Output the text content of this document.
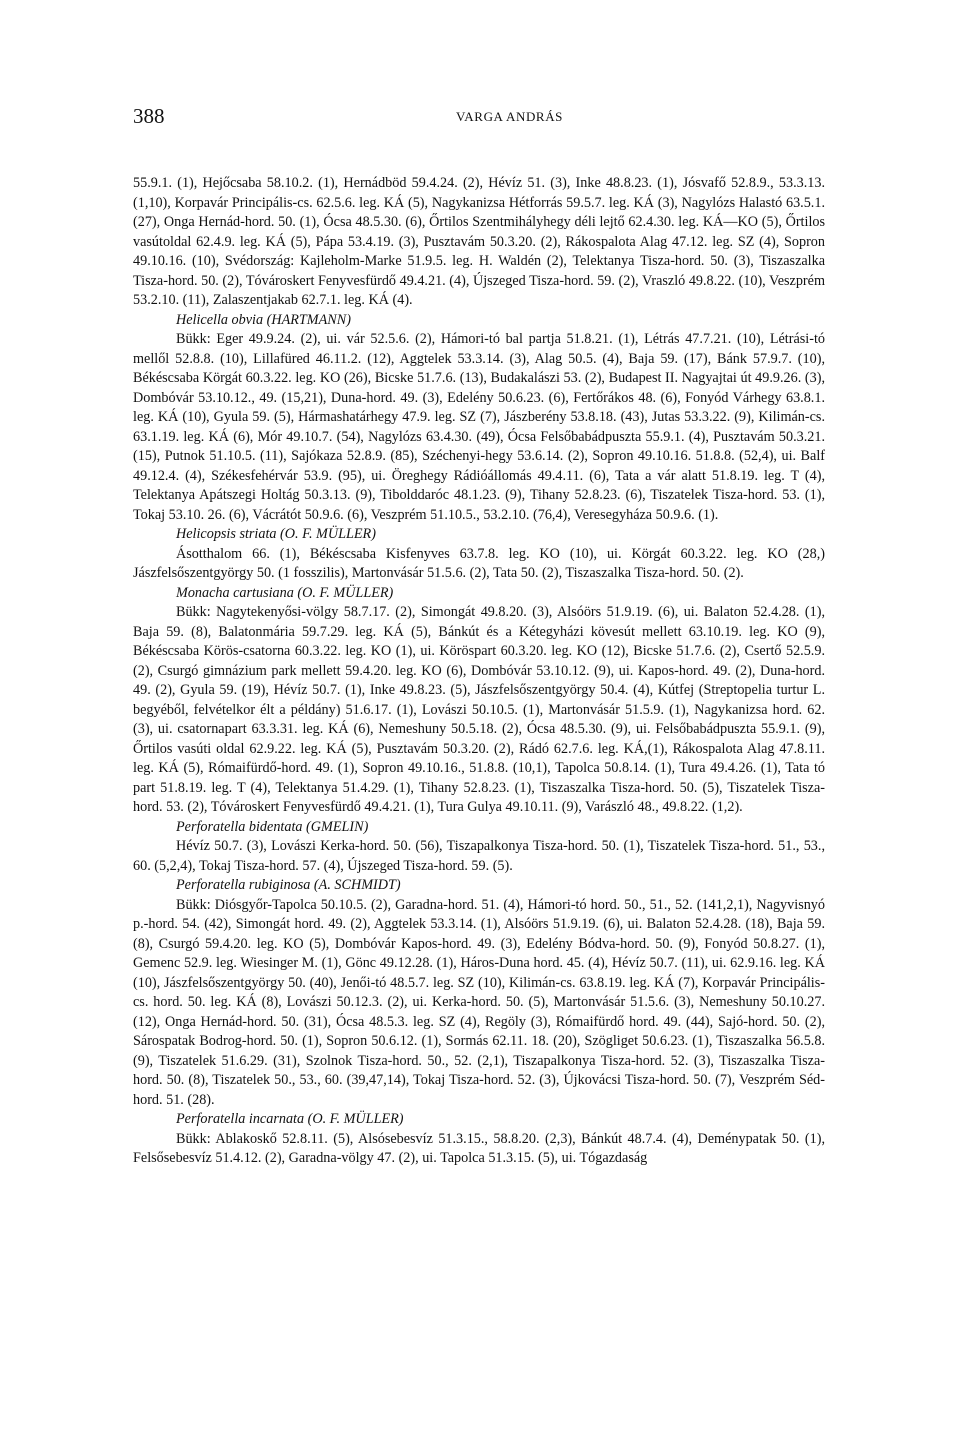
388	VARGA ANDRÁS

55.9.1. (1), Hejőcsaba 58.10.2. (1), Hernádböd 59.4.24. (2), Hévíz 51. (3), Inke 48.8.23. (1), Jósvafő 52.8.9., 53.3.13. (1,10), Korpavár Principális-cs. 62.5.6. leg. KÁ (5), Nagykanizsa Hétforrás 59.5.7. leg. KÁ (3), Nagylózs Halastó 63.5.1. (27), Onga Hernád-hord. 50. (1), Ócsa 48.5.30. (6), Őrtilos Szentmihályhegy déli lejtő 62.4.30. leg. KÁ—KO (5), Őrtilos vasútoldal 62.4.9. leg. KÁ (5), Pápa 53.4.19. (3), Pusztavám 50.3.20. (2), Rákospalota Alag 47.12. leg. SZ (4), Sopron 49.10.16. (10), Svédország: Kajleholm-Marke 51.9.5. leg. H. Waldén (2), Telektanya Tisza-hord. 50. (3), Tiszaszalka Tisza-hord. 50. (2), Tóvároskert Fenyvesfürdő 49.4.21. (4), Újszeged Tisza-hord. 59. (2), Vraszló 49.8.22. (10), Veszprém 53.2.10. (11), Zalaszentjakab 62.7.1. leg. KÁ (4).

Helicella obvia (HARTMANN)

Bükk: Eger 49.9.24. (2), ui. vár 52.5.6. (2), Hámori-tó bal partja 51.8.21. (1), Létrás 47.7.21. (10), Létrási-tó mellől 52.8.8. (10), Lillafüred 46.11.2. (12), Aggtelek 53.3.14. (3), Alag 50.5. (4), Baja 59. (17), Bánk 57.9.7. (10), Békéscsaba Körgát 60.3.22. leg. KO (26), Bicske 51.7.6. (13), Budakalászi 53. (2), Budapest II. Nagyajtai út 49.9.26. (3), Dombóvár 53.10.12., 49. (15,21), Duna-hord. 49. (3), Edelény 50.6.23. (6), Fertőrákos 48. (6), Fonyód Várhegy 63.8.1. leg. KÁ (10), Gyula 59. (5), Hármashatárhegy 47.9. leg. SZ (7), Jászberény 53.8.18. (43), Jutas 53.3.22. (9), Kilimán-cs. 63.1.19. leg. KÁ (6), Mór 49.10.7. (54), Nagylózs 63.4.30. (49), Ócsa Felsőbabádpuszta 55.9.1. (4), Pusztavám 50.3.21. (15), Putnok 51.10.5. (11), Sajókaza 52.8.9. (85), Széchenyi-hegy 53.6.14. (2), Sopron 49.10.16. 51.8.8. (52,4), ui. Balf 49.12.4. (4), Székesfehérvár 53.9. (95), ui. Öreghegy Rádióállomás 49.4.11. (6), Tata a vár alatt 51.8.19. leg. T (4), Telektanya Apátszegi Holtág 50.3.13. (9), Tibolddaróc 48.1.23. (9), Tihany 52.8.23. (6), Tiszatelek Tisza-hord. 53. (1), Tokaj 53.10. 26. (6), Vácrátót 50.9.6. (6), Veszprém 51.10.5., 53.2.10. (76,4), Veresegyháza 50.9.6. (1).

Helicopsis striata (O. F. MÜLLER)

Ásotthalom 66. (1), Békéscsaba Kisfenyves 63.7.8. leg. KO (10), ui. Körgát 60.3.22. leg. KO (28,) Jászfelsőszentgyörgy 50. (1 fosszilis), Martonvásár 51.5.6. (2), Tata 50. (2), Tiszaszalka Tisza-hord. 50. (2).

Monacha cartusiana (O. F. MÜLLER)

Bükk: Nagytekenyősi-völgy 58.7.17. (2), Simongát 49.8.20. (3), Alsóörs 51.9.19. (6), ui. Balaton 52.4.28. (1), Baja 59. (8), Balatonmária 59.7.29. leg. KÁ (5), Bánkút és a Kétegyházi kövesút mellett 63.10.19. leg. KO (9), Békéscsaba Körös-csatorna 60.3.22. leg. KO (1), ui. Köröspart 60.3.20. leg. KO (12), Bicske 51.7.6. (2), Csertő 52.5.9. (2), Csurgó gimnázium park mellett 59.4.20. leg. KO (6), Dombóvár 53.10.12. (9), ui. Kapos-hord. 49. (2), Duna-hord. 49. (2), Gyula 59. (19), Hévíz 50.7. (1), Inke 49.8.23. (5), Jászfelsőszentgyörgy 50.4. (4), Kútfej (Streptopelia turtur L. begyéből, felvételkor élt a példány) 51.6.17. (1), Lovászi 50.10.5. (1), Martonvásár 51.5.9. (1), Nagykanizsa hord. 62. (3), ui. csatornapart 63.3.31. leg. KÁ (6), Nemeshuny 50.5.18. (2), Ócsa 48.5.30. (9), ui. Felsőbabádpuszta 55.9.1. (9), Őrtilos vasúti oldal 62.9.22. leg. KÁ (5), Pusztavám 50.3.20. (2), Rádó 62.7.6. leg. KÁ,(1), Rákospalota Alag 47.8.11. leg. KÁ (5), Rómaifürdő-hord. 49. (1), Sopron 49.10.16., 51.8.8. (10,1), Tapolca 50.8.14. (1), Tura 49.4.26. (1), Tata tó part 51.8.19. leg. T (4), Telektanya 51.4.29. (1), Tihany 52.8.23. (1), Tiszaszalka Tisza-hord. 50. (5), Tiszatelek Tisza-hord. 53. (2), Tóvároskert Fenyvesfürdő 49.4.21. (1), Tura Gulya 49.10.11. (9), Varászló 48., 49.8.22. (1,2).

Perforatella bidentata (GMELIN)

Hévíz 50.7. (3), Lovászi Kerka-hord. 50. (56), Tiszapalkonya Tisza-hord. 50. (1), Tiszatelek Tisza-hord. 51., 53., 60. (5,2,4), Tokaj Tisza-hord. 57. (4), Újszeged Tisza-hord. 59. (5).

Perforatella rubiginosa (A. SCHMIDT)

Bükk: Diósgyőr-Tapolca 50.10.5. (2), Garadna-hord. 51. (4), Hámori-tó hord. 50., 51., 52. (141,2,1), Nagyvisnyó p.-hord. 54. (42), Simongát hord. 49. (2), Aggtelek 53.3.14. (1), Alsóörs 51.9.19. (6), ui. Balaton 52.4.28. (18), Baja 59. (8), Csurgó 59.4.20. leg. KO (5), Dombóvár Kapos-hord. 49. (3), Edelény Bódva-hord. 50. (9), Fonyód 50.8.27. (1), Gemenc 52.9. leg. Wiesinger M. (1), Gönc 49.12.28. (1), Háros-Duna hord. 45. (4), Hévíz 50.7. (11), ui. 62.9.16. leg. KÁ (10), Jászfelsőszentgyörgy 50. (40), Jenői-tó 48.5.7. leg. SZ (10), Kilimán-cs. 63.8.19. leg. KÁ (7), Korpavár Principális-cs. hord. 50. leg. KÁ (8), Lovászi 50.12.3. (2), ui. Kerka-hord. 50. (5), Martonvásár 51.5.6. (3), Nemeshuny 50.10.27. (12), Onga Hernád-hord. 50. (31), Ócsa 48.5.3. leg. SZ (4), Regöly (3), Rómaifürdő hord. 49. (44), Sajó-hord. 50. (2), Sárospatak Bodrog-hord. 50. (1), Sopron 50.6.12. (1), Sormás 62.11. 18. (20), Szögliget 50.6.23. (1), Tiszaszalka 56.5.8. (9), Tiszatelek 51.6.29. (31), Szolnok Tisza-hord. 50., 52. (2,1), Tiszapalkonya Tisza-hord. 52. (3), Tiszaszalka Tisza-hord. 50. (8), Tiszatelek 50., 53., 60. (39,47,14), Tokaj Tisza-hord. 52. (3), Újkovácsi Tisza-hord. 50. (7), Veszprém Séd-hord. 51. (28).

Perforatella incarnata (O. F. MÜLLER)

Bükk: Ablakoskő 52.8.11. (5), Alsósebesvíz 51.3.15., 58.8.20. (2,3), Bánkút 48.7.4. (4), Deménypatak 50. (1), Felsősebesvíz 51.4.12. (2), Garadna-völgy 47. (2), ui. Tapolca 51.3.15. (5), ui. Tógazdaság
